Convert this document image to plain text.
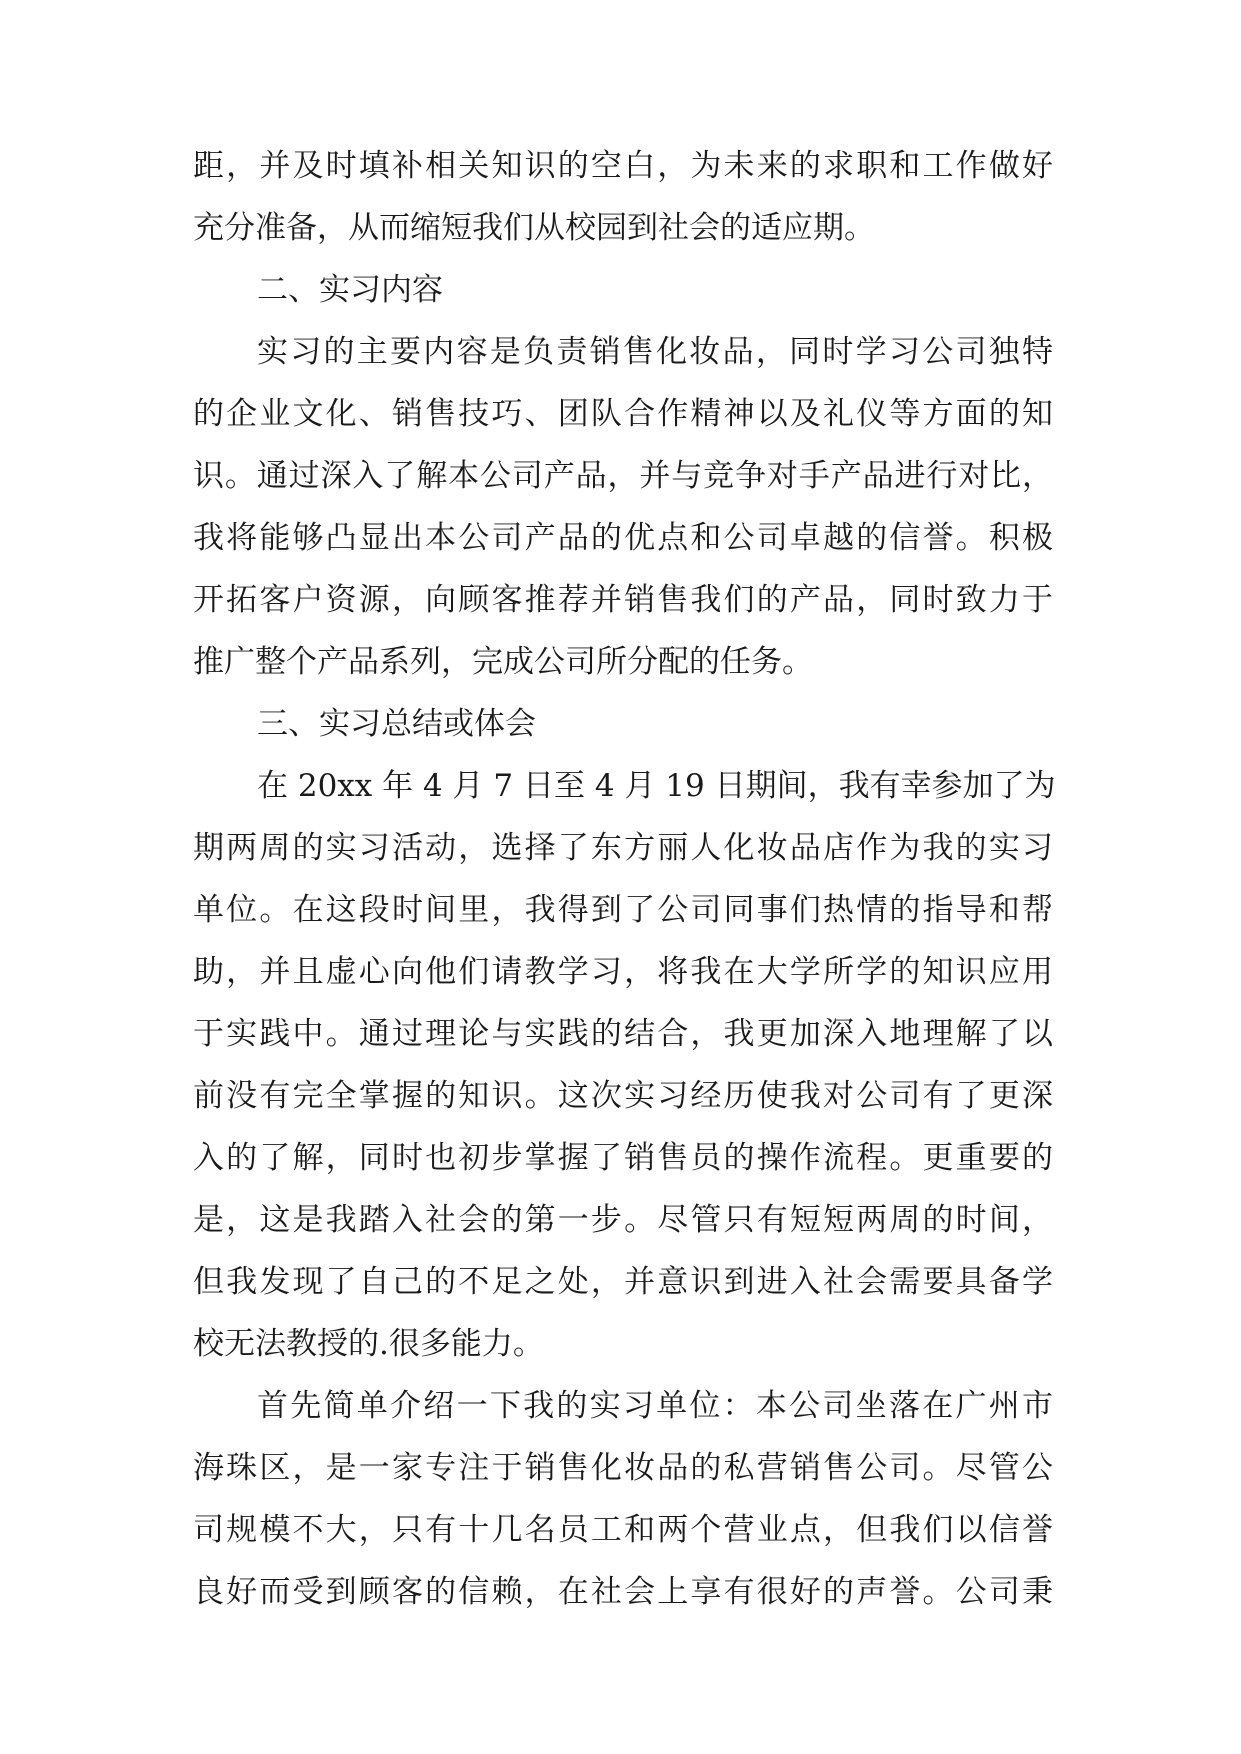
距，并及时填补相关知识的空白，为未来的求职和工作做好
充分准备，从而缩短我们从校园到社会的适应期。
二、实习内容
实习的主要内容是负责销售化妆品，同时学习公司独特
的企业文化、销售技巧、团队合作精神以及礼仪等方面的知
识。通过深入了解本公司产品，并与竞争对手产品进行对比，
我将能够凸显出本公司产品的优点和公司卓越的信誉。积极
开拓客户资源，向顾客推荐并销售我们的产品，同时致力于
推广整个产品系列，完成公司所分配的任务。
三、实习总结或体会
在 20xx 年 4 月 7 日至 4 月 19 日期间，我有幸参加了为
期两周的实习活动，选择了东方丽人化妆品店作为我的实习
单位。在这段时间里，我得到了公司同事们热情的指导和帮
助，并且虚心向他们请教学习，将我在大学所学的知识应用
于实践中。通过理论与实践的结合，我更加深入地理解了以
前没有完全掌握的知识。这次实习经历使我对公司有了更深
入的了解，同时也初步掌握了销售员的操作流程。更重要的
是，这是我踏入社会的第一步。尽管只有短短两周的时间，
但我发现了自己的不足之处，并意识到进入社会需要具备学
校无法教授的.很多能力。
首先简单介绍一下我的实习单位：本公司坐落在广州市
海珠区，是一家专注于销售化妆品的私营销售公司。尽管公
司规模不大，只有十几名员工和两个营业点，但我们以信誉
良好而受到顾客的信赖，在社会上享有很好的声誉。公司秉
